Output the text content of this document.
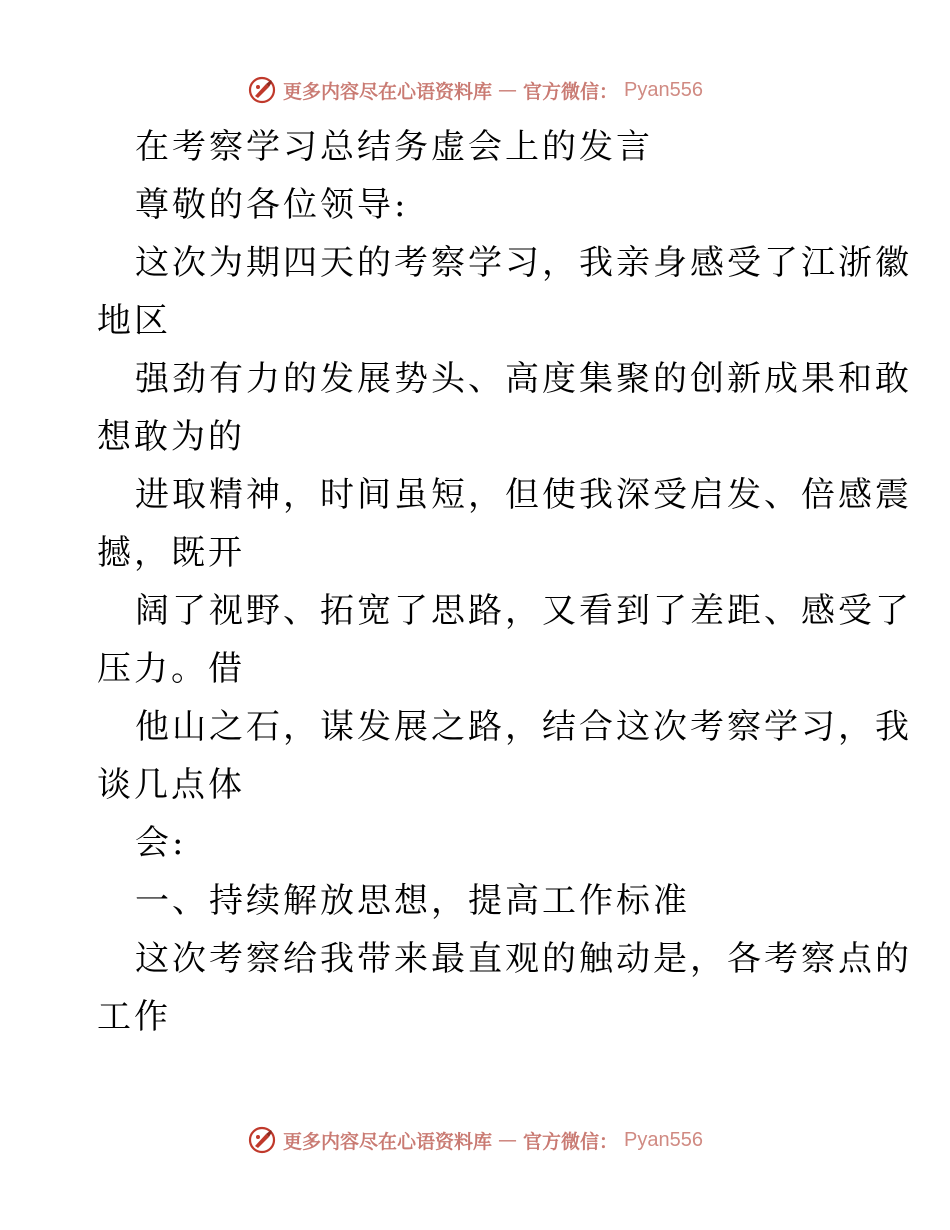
更多内容尽在心语资料库 — 官方微信： Pyan556

在考察学习总结务虚会上的发言

尊敬的各位领导:

这次为期四天的考察学习，我亲身感受了江浙徽

地区

强劲有力的发展势头、高度集聚的创新成果和敢

想敢为的

进取精神，时间虽短，但使我深受启发、倍感震

撼，既开

阔了视野、拓宽了思路，又看到了差距、感受了

压力。借

他山之石，谋发展之路，结合这次考察学习，我

谈几点体

会:

一、持续解放思想，提高工作标准

这次考察给我带来最直观的触动是，各考察点的

工作

更多内容尽在心语资料库 — 官方微信： Pyan556
